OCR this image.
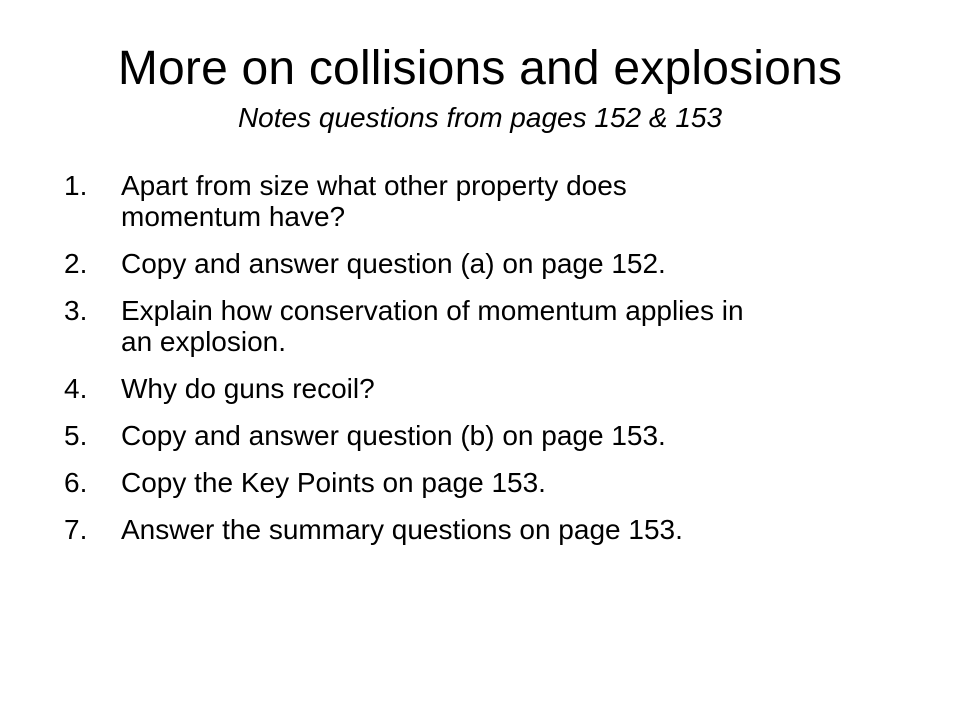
More on collisions and explosions
Notes questions from pages 152 & 153
1.	Apart from size what other property does momentum have?
2.	Copy and answer question (a) on page 152.
3.	Explain how conservation of momentum applies in an explosion.
4.	Why do guns recoil?
5.	Copy and answer question (b) on page 153.
6.	Copy the Key Points on page 153.
7.	Answer the summary questions on page 153.
